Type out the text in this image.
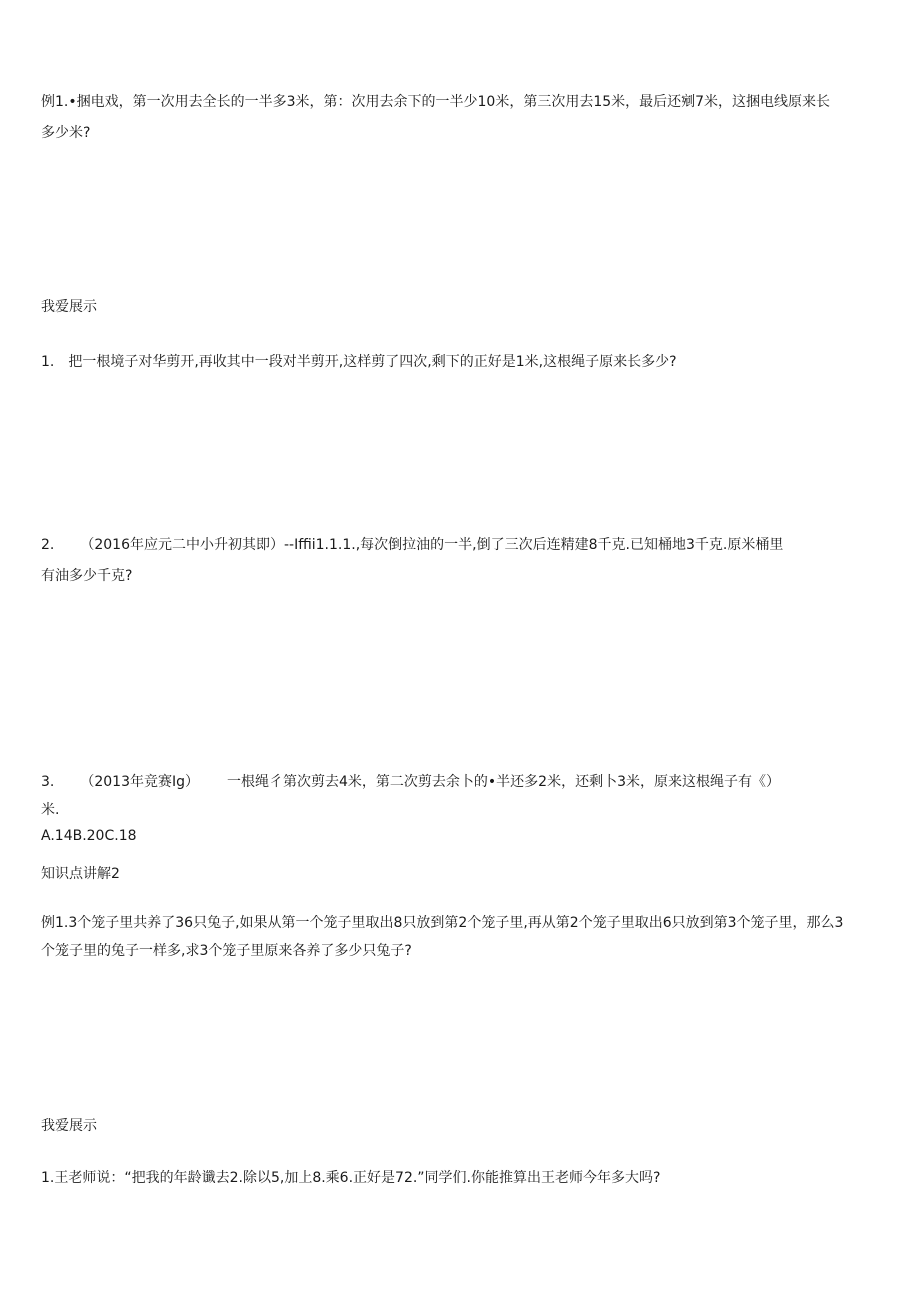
例1.•捆电戏，第一次用去全长的一半多3米，第：次用去余下的一半少10米，第三次用去15米，最后还剜7米，这捆电线原来长
多少米?
我爱展示
1. 把一根境子对华剪开,再收其中一段对半剪开,这样剪了四次,剩下的正好是1米,这根绳子原来长多少?
2. （2016年应元二中小升初其即）--Iffii1.1.1.,每次倒拉油的一半,倒了三次后连精建8千克.已知桶地3千克.原米桶里
有油多少千克?
3. （2013年竞赛Ig） 一根绳彳第次剪去4米，第二次剪去余卜的•半还多2米，还剩卜3米，原来这根绳子有《）
米.
A.14B.20C.18
知识点讲解2
例1.3个笼子里共养了36只兔子,如果从第一个笼子里取出8只放到第2个笼子里,再从第2个笼子里取出6只放到第3个笼子里，那么3
个笼子里的兔子一样多,求3个笼子里原来各养了多少只兔子?
我爱展示
1.王老师说：“把我的年龄谶去2.除以5,加上8.乘6.正好是72.”同学们.你能推算出王老师今年多大吗?
